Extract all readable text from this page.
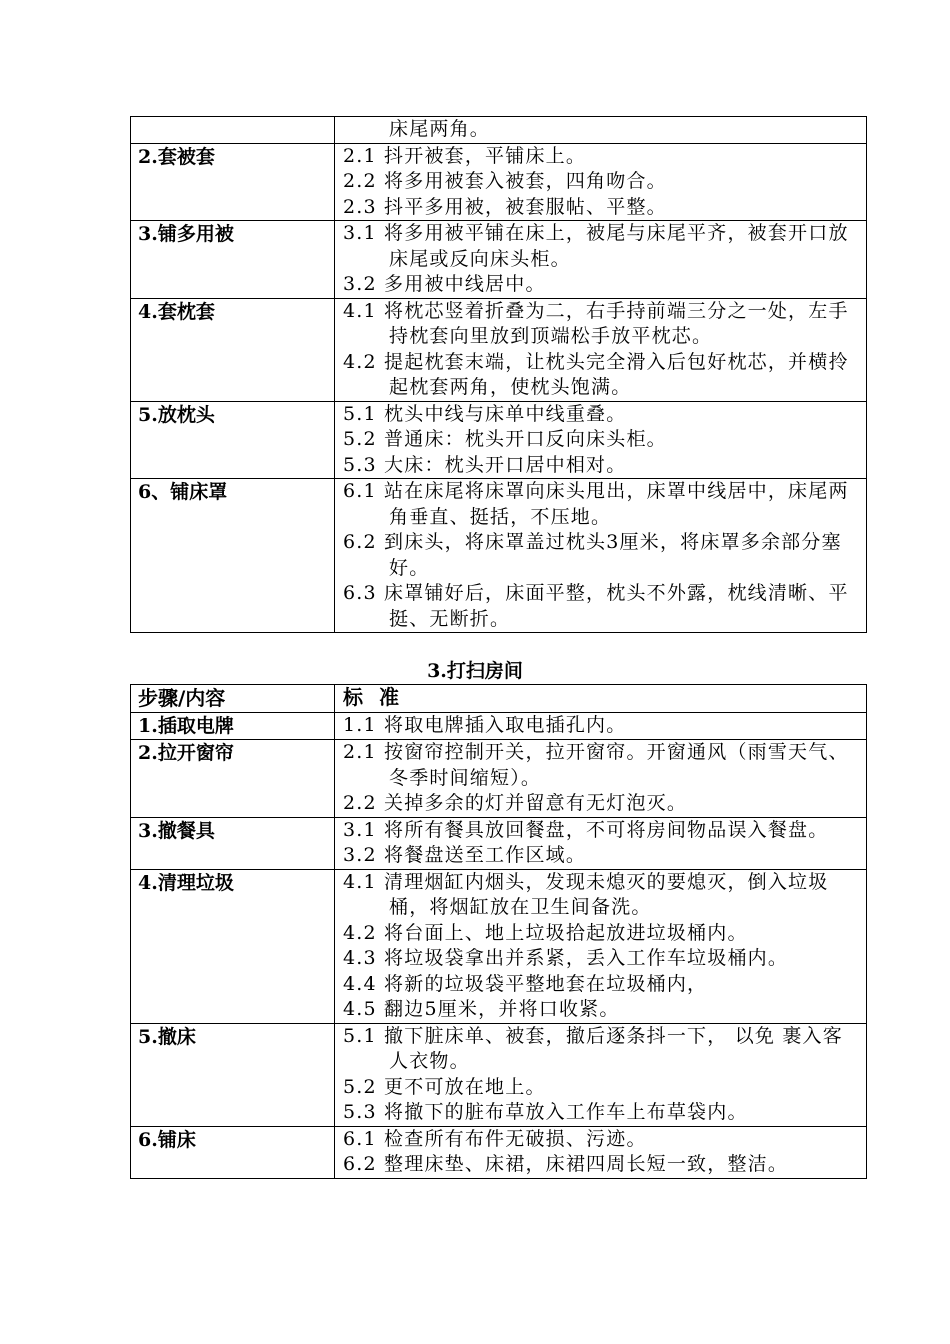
	床尾两角。

2.套被套	2.1 抖开被套，平铺床上。
2.2 将多用被套入被套，四角吻合。
2.3 抖平多用被，被套服帖、平整。

3.铺多用被	3.1 将多用被平铺在床上，被尾与床尾平齐，被套开口放床尾或反向床头柜。
3.2 多用被中线居中。

4.套枕套	4.1 将枕芯竖着折叠为二，右手持前端三分之一处，左手持枕套向里放到顶端松手放平枕芯。
4.2 提起枕套末端，让枕头完全滑入后包好枕芯，并横拎起枕套两角，使枕头饱满。

5.放枕头	5.1 枕头中线与床单中线重叠。
5.2 普通床：枕头开口反向床头柜。
5.3 大床：枕头开口居中相对。

6、铺床罩	6.1 站在床尾将床罩向床头甩出，床罩中线居中，床尾两角垂直、挺括，不压地。
6.2 到床头，将床罩盖过枕头3厘米，将床罩多余部分塞好。
6.3 床罩铺好后，床面平整，枕头不外露，枕线清晰、平挺、无断折。
3.打扫房间
步骤/内容	标准
1.插取电牌	1.1 将取电牌插入取电插孔内。

2.拉开窗帘	2.1 按窗帘控制开关，拉开窗帘。开窗通风（雨雪天气、冬季时间缩短）。
2.2 关掉多余的灯并留意有无灯泡灭。

3.撤餐具	3.1 将所有餐具放回餐盘，不可将房间物品误入餐盘。
3.2 将餐盘送至工作区域。

4.清理垃圾	4.1 清理烟缸内烟头，发现未熄灭的要熄灭，倒入垃圾桶，将烟缸放在卫生间备洗。
4.2 将台面上、地上垃圾拾起放进垃圾桶内。
4.3 将垃圾袋拿出并系紧，丢入工作车垃圾桶内。
4.4 将新的垃圾袋平整地套在垃圾桶内，
4.5 翻边5厘米，并将口收紧。

5.撤床	5.1 撤下脏床单、被套，撤后逐条抖一下， 以免 裹入客人衣物。
5.2 更不可放在地上。
5.3 将撤下的脏布草放入工作车上布草袋内。

6.铺床	6.1 检查所有布件无破损、污迹。
6.2 整理床垫、床裙，床裙四周长短一致，整洁。
